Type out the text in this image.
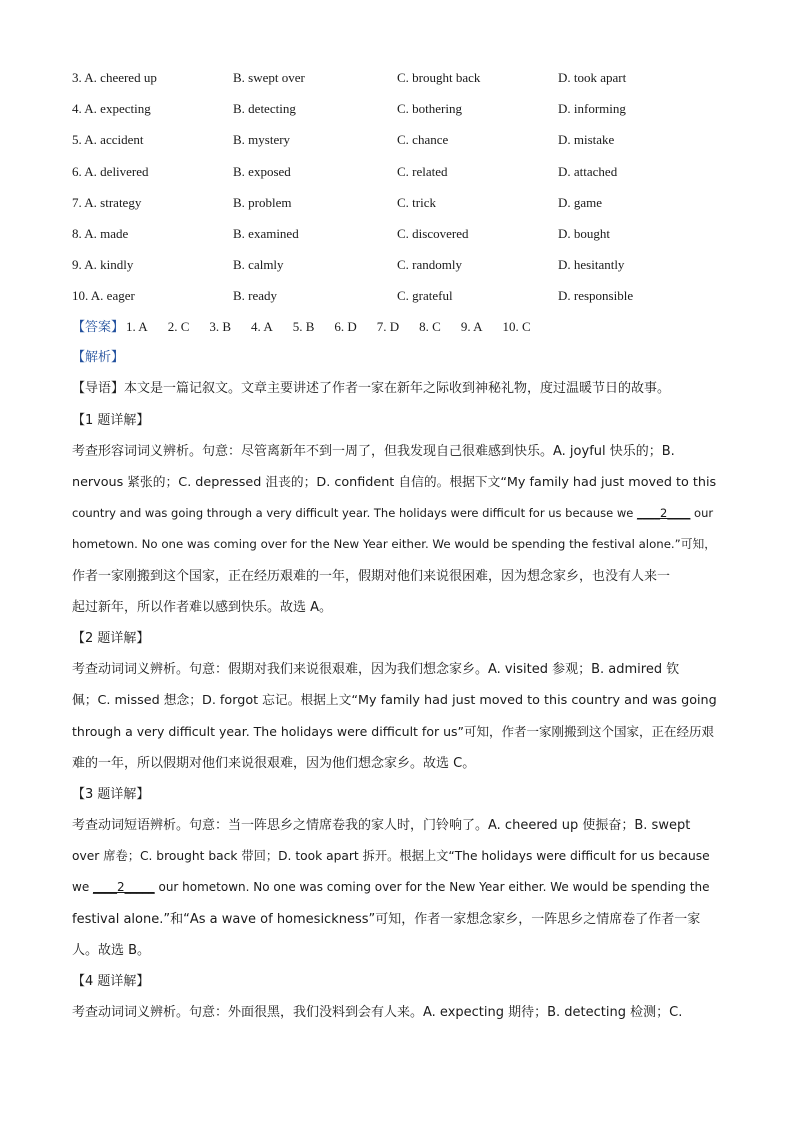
3. A. cheered up	B. swept over	C. brought back	D. took apart
4. A. expecting	B. detecting	C. bothering	D. informing
5. A. accident	B. mystery	C. chance	D. mistake
6. A. delivered	B. exposed	C. related	D. attached
7. A. strategy	B. problem	C. trick	D. game
8. A. made	B. examined	C. discovered	D. bought
9. A. kindly	B. calmly	C. randomly	D. hesitantly
10. A. eager	B. ready	C. grateful	D. responsible
【答案】 1. A 2. C 3. B 4. A 5. B 6. D 7. D 8. C 9. A 10. C
【解析】
【导语】本文是一篇记叙文。文章主要讲述了作者一家在新年之际收到神秘礼物，度过温暖节日的故事。
【1 题详解】
考查形容词词义辨析。句意：尽管离新年不到一周了，但我发现自己很难感到快乐。A. joyful 快乐的；B.
nervous 紧张的；C. depressed 沮丧的；D. confident 自信的。根据下文“My family had just moved to this
country and was going through a very difficult year. The holidays were difficult for us because we ____2____ our
hometown. No one was coming over for the New Year either. We would be spending the festival alone.”可知，
作者一家刚搬到这个国家，正在经历艰难的一年，假期对他们来说很困难，因为想念家乡，也没有人来一
起过新年，所以作者难以感到快乐。故选 A。
【2 题详解】
考查动词词义辨析。句意：假期对我们来说很艰难，因为我们想念家乡。A. visited 参观；B. admired 钦
佩；C. missed 想念；D. forgot 忘记。根据上文“My family had just moved to this country and was going
through a very difficult year. The holidays were difficult for us”可知，作者一家刚搬到这个国家，正在经历艰
难的一年，所以假期对他们来说很艰难，因为他们想念家乡。故选 C。
【3 题详解】
考查动词短语辨析。句意：当一阵思乡之情席卷我的家人时，门铃响了。A. cheered up 使振奋；B. swept
over 席卷；C. brought back 带回；D. took apart 拆开。根据上文“The holidays were difficult for us because
we ____2_____ our hometown. No one was coming over for the New Year either. We would be spending the
festival alone.”和“As a wave of homesickness”可知，作者一家想念家乡，一阵思乡之情席卷了作者一家
人。故选 B。
【4 题详解】
考查动词词义辨析。句意：外面很黑，我们没料到会有人来。A. expecting 期待；B. detecting 检测；C.
